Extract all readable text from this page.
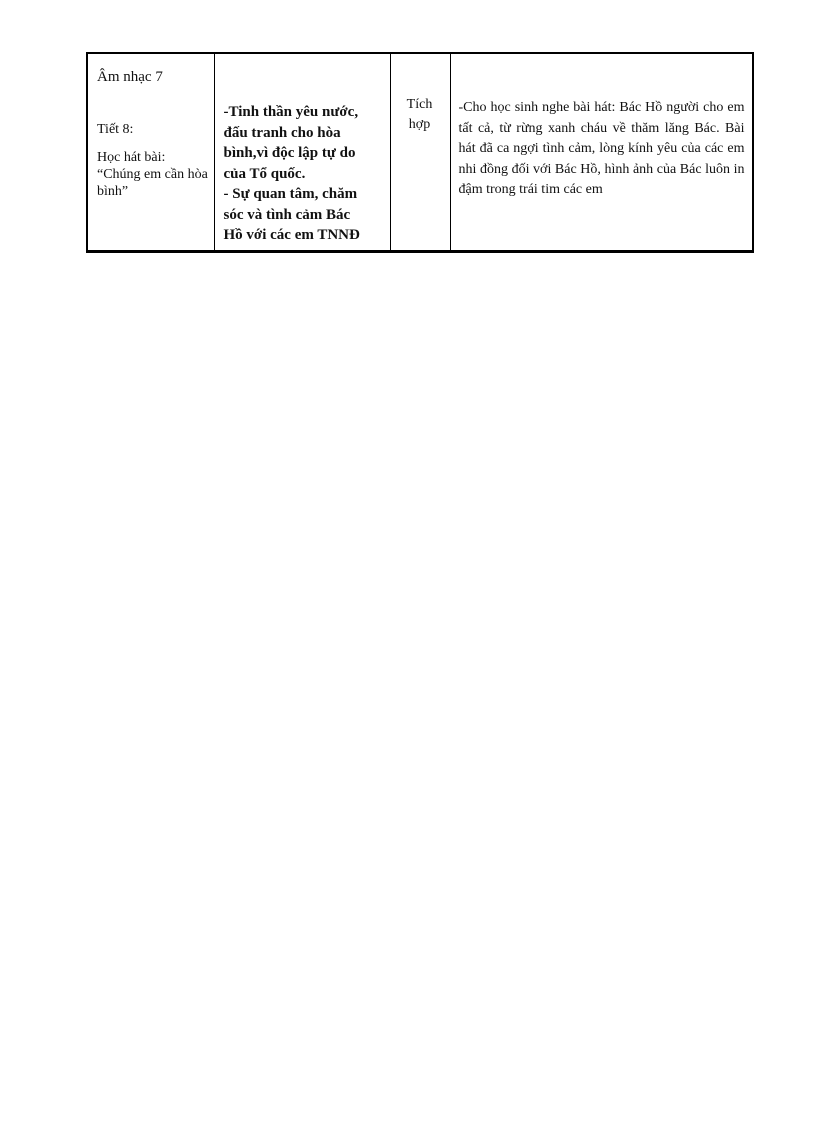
Âm nhạc 7
Tiết 8:
Học hát bài:
“Chúng em cần hòa bình”

-Tinh thần yêu nước,
đấu tranh cho hòa
bình,vì độc lập tự do
của Tổ quốc.
- Sự quan tâm, chăm
sóc và tình cảm Bác
Hồ với các em TNNĐ

Tích
hợp

-Cho học sinh nghe bài hát: Bác Hồ người cho em tất cả, từ rừng xanh cháu về thăm lăng Bác. Bài hát đã ca ngợi tình cảm, lòng kính yêu của các em nhi đồng đối với Bác Hồ, hình ảnh của Bác luôn in đậm trong trái tim các em
